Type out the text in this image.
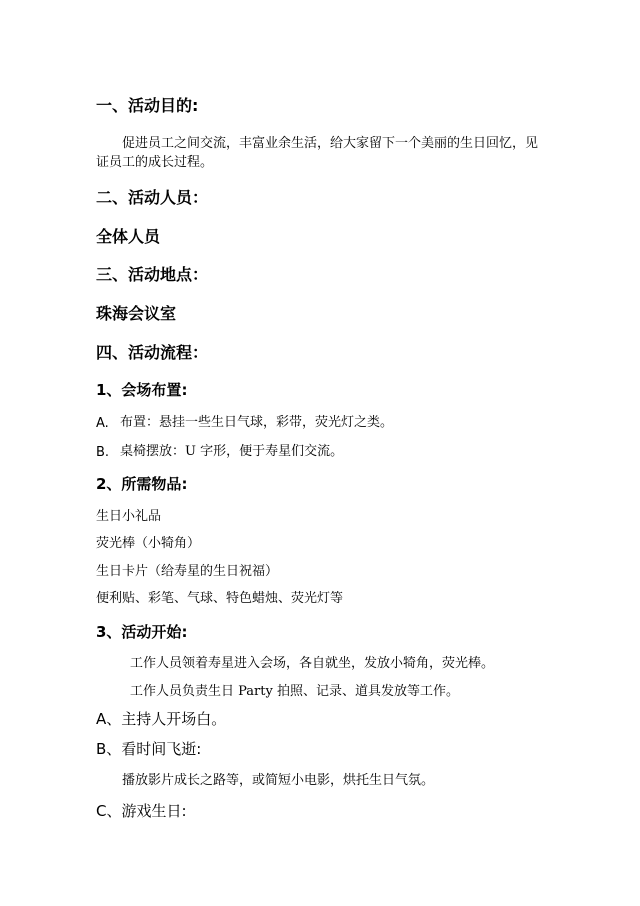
一、活动目的:
促进员工之间交流，丰富业余生活，给大家留下一个美丽的生日回忆，见
证员工的成长过程。
二、活动人员：
全体人员
三、活动地点：
珠海会议室
四、活动流程：
1、会场布置:
A. 布置：悬挂一些生日气球，彩带，荧光灯之类。
B. 桌椅摆放：U 字形，便于寿星们交流。
2、所需物品:
生日小礼品
荧光棒（小犄角）
生日卡片（给寿星的生日祝福）
便利贴、彩笔、气球、特色蜡烛、荧光灯等
3、活动开始:
工作人员领着寿星进入会场，各自就坐，发放小犄角，荧光棒。
工作人员负责生日 Party 拍照、记录、道具发放等工作。
A、主持人开场白。
B、看时间飞逝:
播放影片成长之路等，或简短小电影，烘托生日气氛。
C、游戏生日:
